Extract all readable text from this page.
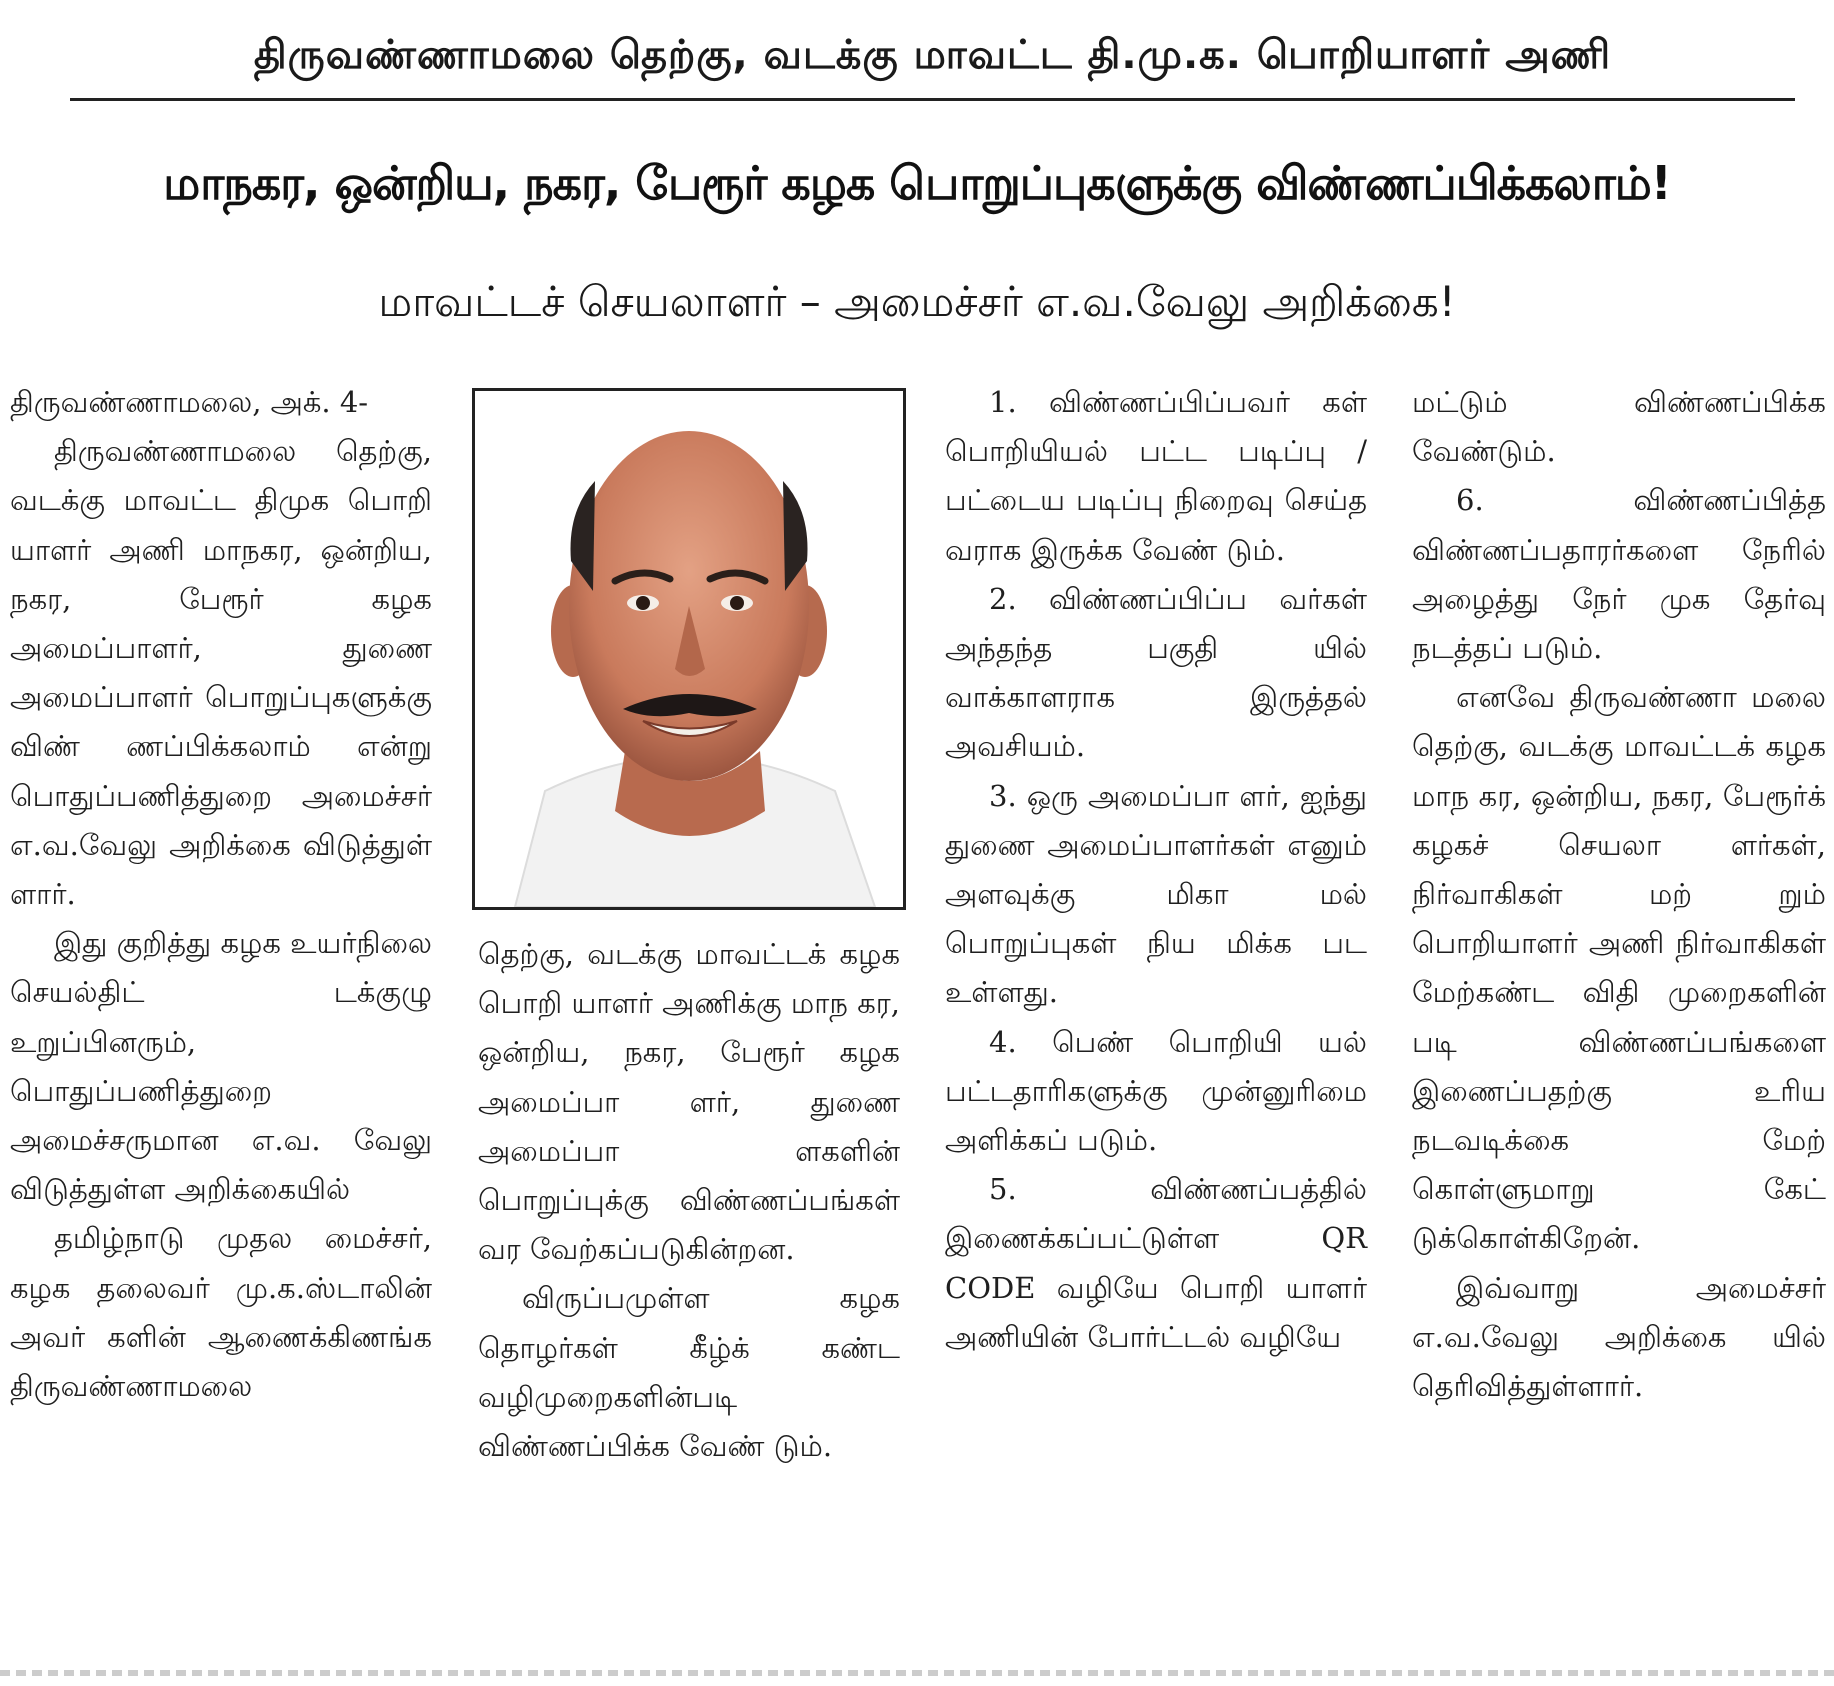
திருவண்ணாமலை தெற்கு, வடக்கு மாவட்ட தி.மு.க. பொறியாளர் அணி
மாநகர, ஒன்றிய, நகர, பேரூர் கழக பொறுப்புகளுக்கு விண்ணப்பிக்கலாம்!
மாவட்டச் செயலாளர் – அமைச்சர் எ.வ.வேலு அறிக்கை!

திருவண்ணாமலை, அக். 4-

திருவண்ணாமலை தெற்கு, வடக்கு மாவட்ட திமுக பொறி யாளர் அணி மாநகர, ஒன்றிய, நகர, பேரூர் கழக அமைப்பாளர், துணை அமைப்பாளர் பொறுப்புகளுக்கு விண் ணப்பிக்கலாம் என்று பொதுப்பணித்துறை அமைச்சர் எ.வ.வேலு அறிக்கை விடுத்துள் ளார்.

இது குறித்து கழக உயர்நிலை செயல்திட் டக்குழு உறுப்பினரும், பொதுப்பணித்துறை அமைச்சருமான எ.வ. வேலு விடுத்துள்ள அறிக்கையில்

தமிழ்நாடு முதல மைச்சர், கழக தலைவர் மு.க.ஸ்டாலின் அவர் களின் ஆணைக்கிணங்க திருவண்ணாமலை

தெற்கு, வடக்கு மாவட்டக் கழக பொறி யாளர் அணிக்கு மாந கர, ஒன்றிய, நகர, பேரூர் கழக அமைப்பா ளர், துணை அமைப்பா ளகளின் பொறுப்புக்கு விண்ணப்பங்கள் வர வேற்கப்படுகின்றன.

விருப்பமுள்ள கழக தொழர்கள் கீழ்க் கண்ட வழிமுறைகளின்படி விண்ணப்பிக்க வேண் டும்.

1. விண்ணப்பிப்பவர் கள் பொறியியல் பட்ட படிப்பு / பட்டைய படிப்பு நிறைவு செய்த வராக இருக்க வேண் டும்.

2. விண்ணப்பிப்ப வர்கள் அந்தந்த பகுதி யில் வாக்காளராக இருத்தல் அவசியம்.

3. ஒரு அமைப்பா ளர், ஐந்து துணை அமைப்பாளர்கள் எனும் அளவுக்கு மிகா மல் பொறுப்புகள் நிய மிக்க பட உள்ளது.

4. பெண் பொறியி யல் பட்டதாரிகளுக்கு முன்னுரிமை அளிக்கப் படும்.

5. விண்ணப்பத்தில் இணைக்கப்பட்டுள்ள QR CODE வழியே பொறி யாளர் அணியின் போர்ட்டல் வழியே

மட்டும் விண்ணப்பிக்க வேண்டும்.

6. விண்ணப்பித்த விண்ணப்பதாரர்களை நேரில் அழைத்து நேர் முக தேர்வு நடத்தப் படும்.

எனவே திருவண்ணா மலை தெற்கு, வடக்கு மாவட்டக் கழக மாந கர, ஒன்றிய, நகர, பேரூர்க் கழகச் செயலா ளர்கள், நிர்வாகிகள் மற் றும் பொறியாளர் அணி நிர்வாகிகள் மேற்கண்ட விதி முறைகளின் படி விண்ணப்பங்களை இணைப்பதற்கு உரிய நடவடிக்கை மேற் கொள்ளுமாறு கேட் டுக்கொள்கிறேன்.

இவ்வாறு அமைச்சர் எ.வ.வேலு அறிக்கை யில் தெரிவித்துள்ளார்.
